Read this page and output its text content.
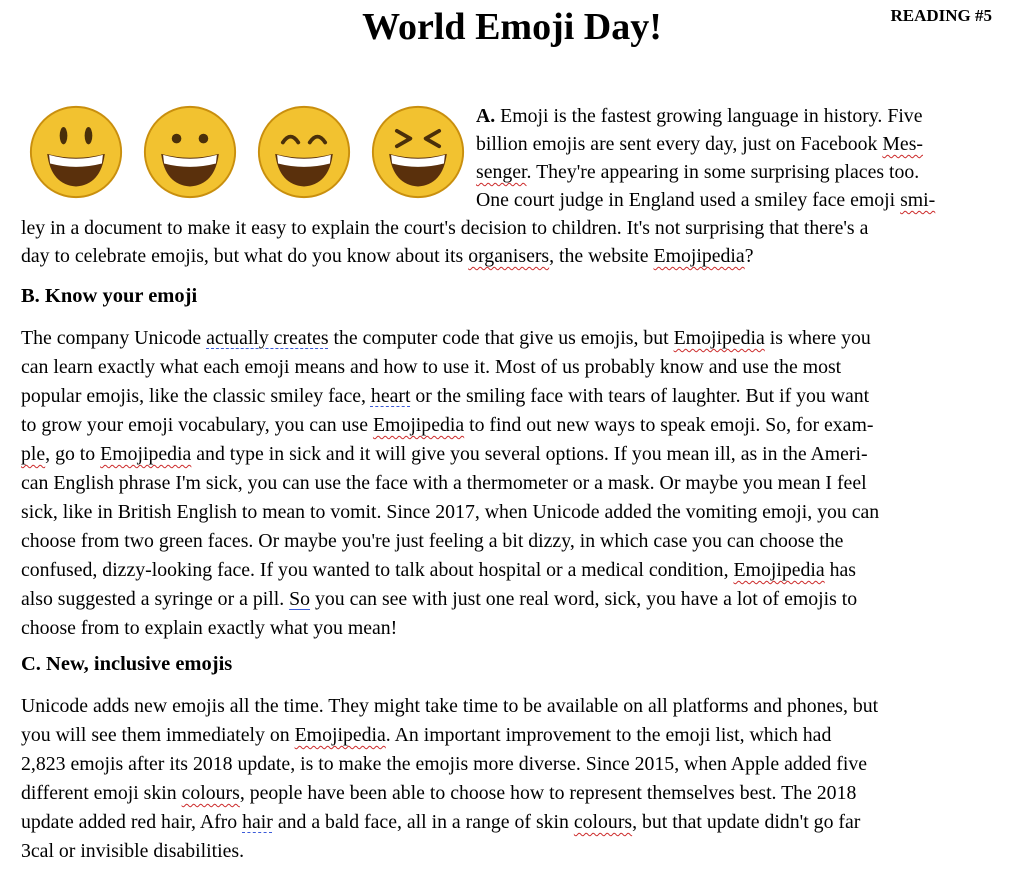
World Emoji Day!	READING #5
A. Emoji is the fastest growing language in history. Five
billion emojis are sent every day, just on Facebook Mes-
senger. They're appearing in some surprising places too.
One court judge in England used a smiley face emoji smi-
ley in a document to make it easy to explain the court's decision to children. It's not surprising that there's a
day to celebrate emojis, but what do you know about its organisers, the website Emojipedia?
B. Know your emoji
The company Unicode actually creates the computer code that give us emojis, but Emojipedia is where you
can learn exactly what each emoji means and how to use it. Most of us probably know and use the most
popular emojis, like the classic smiley face, heart or the smiling face with tears of laughter. But if you want
to grow your emoji vocabulary, you can use Emojipedia to find out new ways to speak emoji. So, for exam-
ple, go to Emojipedia and type in sick and it will give you several options. If you mean ill, as in the Ameri-
can English phrase I'm sick, you can use the face with a thermometer or a mask. Or maybe you mean I feel
sick, like in British English to mean to vomit. Since 2017, when Unicode added the vomiting emoji, you can
choose from two green faces. Or maybe you're just feeling a bit dizzy, in which case you can choose the
confused, dizzy-looking face. If you wanted to talk about hospital or a medical condition, Emojipedia has
also suggested a syringe or a pill. So you can see with just one real word, sick, you have a lot of emojis to
choose from to explain exactly what you mean!
C. New, inclusive emojis
Unicode adds new emojis all the time. They might take time to be available on all platforms and phones, but
you will see them immediately on Emojipedia. An important improvement to the emoji list, which had
2,823 emojis after its 2018 update, is to make the emojis more diverse. Since 2015, when Apple added five
different emoji skin colours, people have been able to choose how to represent themselves best. The 2018
update added red hair, Afro hair and a bald face, all in a range of skin colours, but that update didn't go far
3cal or invisible disabilities.
